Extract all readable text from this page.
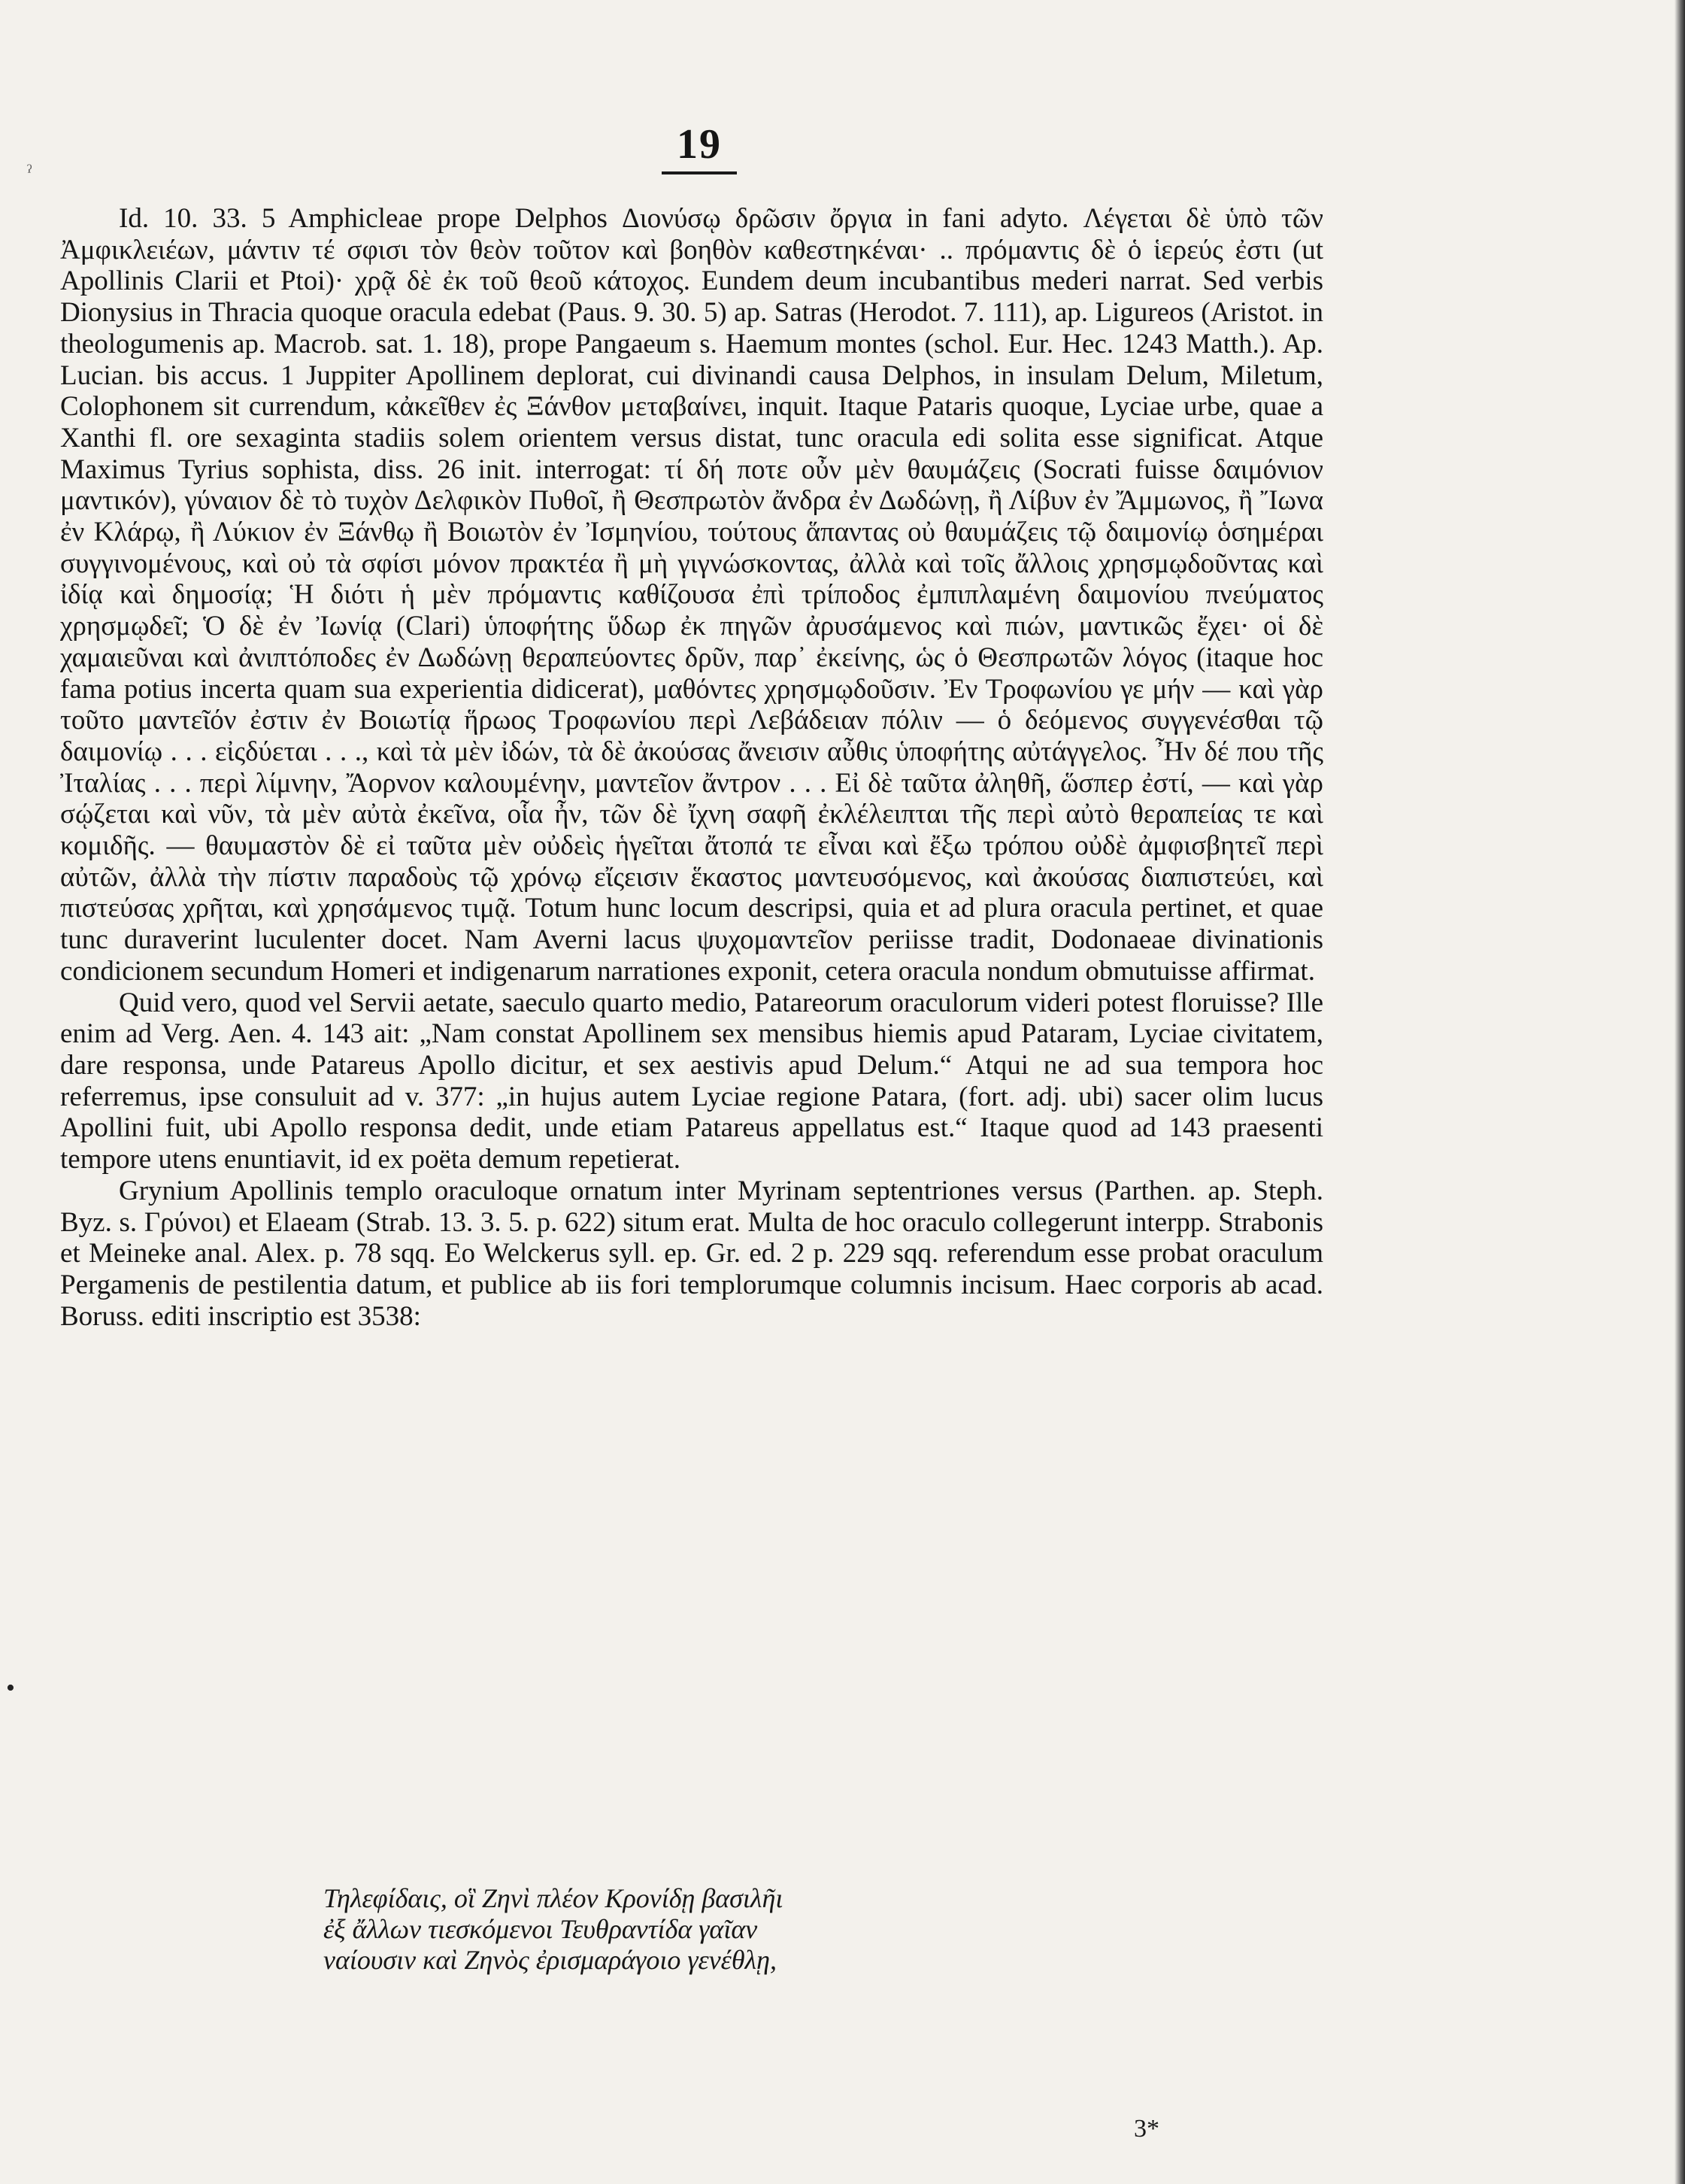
ˀ
•
19

Id. 10. 33. 5 Amphicleae prope Delphos Διονύσῳ δρῶσιν ὄργια in fani adyto. Λέγεται δὲ ὑπὸ τῶν Ἀμφικλειέων, μάντιν τέ σφισι τὸν θεὸν τοῦτον καὶ βοηθὸν καθεστηκέναι· .. πρόμαντις δὲ ὁ ἱερεύς ἐστι (ut Apollinis Clarii et Ptoi)· χρᾷ δὲ ἐκ τοῦ θεοῦ κάτοχος. Eundem deum incubantibus mederi narrat. Sed verbis Dionysius in Thracia quoque oracula edebat (Paus. 9. 30. 5) ap. Satras (Herodot. 7. 111), ap. Ligureos (Aristot. in theologumenis ap. Macrob. sat. 1. 18), prope Pangaeum s. Haemum montes (schol. Eur. Hec. 1243 Matth.). Ap. Lucian. bis accus. 1 Juppiter Apollinem deplorat, cui divinandi causa Delphos, in insulam Delum, Miletum, Colophonem sit currendum, κἀκεῖθεν ἐς Ξάνθον μεταβαίνει, inquit. Itaque Pataris quoque, Lyciae urbe, quae a Xanthi fl. ore sexaginta stadiis solem orientem versus distat, tunc oracula edi solita esse significat. Atque Maximus Tyrius sophista, diss. 26 init. interrogat: τί δή ποτε οὖν μὲν θαυμάζεις (Socrati fuisse δαιμόνιον μαντικόν), γύναιον δὲ τὸ τυχὸν Δελφικὸν Πυθοῖ, ἢ Θεσπρωτὸν ἄνδρα ἐν Δωδώνῃ, ἢ Λίβυν ἐν Ἄμμωνος, ἢ Ἴωνα ἐν Κλάρῳ, ἢ Λύκιον ἐν Ξάνθῳ ἢ Βοιωτὸν ἐν Ἰσμηνίου, τούτους ἅπαντας οὐ θαυμάζεις τῷ δαιμονίῳ ὁσημέραι συγγινομένους, καὶ οὐ τὰ σφίσι μόνον πρακτέα ἢ μὴ γιγνώσκοντας, ἀλλὰ καὶ τοῖς ἄλλοις χρησμῳδοῦντας καὶ ἰδίᾳ καὶ δημοσίᾳ; Ἡ διότι ἡ μὲν πρόμαντις καθίζουσα ἐπὶ τρίποδος ἐμπιπλαμένη δαιμονίου πνεύματος χρησμῳδεῖ; Ὁ δὲ ἐν Ἰωνίᾳ (Clari) ὑποφήτης ὕδωρ ἐκ πηγῶν ἀρυσάμενος καὶ πιών, μαντικῶς ἔχει· οἱ δὲ χαμαιεῦναι καὶ ἀνιπτόποδες ἐν Δωδώνῃ θεραπεύοντες δρῦν, παρ᾽ ἐκείνης, ὡς ὁ Θεσπρωτῶν λόγος (itaque hoc fama potius incerta quam sua experientia didicerat), μαθόντες χρησμῳδοῦσιν. Ἐν Τροφωνίου γε μήν — καὶ γὰρ τοῦτο μαντεῖόν ἐστιν ἐν Βοιωτίᾳ ἥρωος Τροφωνίου περὶ Λεβάδειαν πόλιν — ὁ δεόμενος συγγενέσθαι τῷ δαιμονίῳ . . . εἰςδύεται . . ., καὶ τὰ μὲν ἰδών, τὰ δὲ ἀκούσας ἄνεισιν αὖθις ὑποφήτης αὐτάγγελος. Ἦν δέ που τῆς Ἰταλίας . . . περὶ λίμνην, Ἄορνον καλουμένην, μαντεῖον ἄντρον . . . Εἰ δὲ ταῦτα ἀληθῆ, ὥσπερ ἐστί, — καὶ γὰρ σῴζεται καὶ νῦν, τὰ μὲν αὐτὰ ἐκεῖνα, οἷα ἦν, τῶν δὲ ἴχνη σαφῆ ἐκλέλειπται τῆς περὶ αὐτὸ θεραπείας τε καὶ κομιδῆς. — θαυμαστὸν δὲ εἰ ταῦτα μὲν οὐδεὶς ἡγεῖται ἄτοπά τε εἶναι καὶ ἔξω τρόπου οὐδὲ ἀμφισβητεῖ περὶ αὐτῶν, ἀλλὰ τὴν πίστιν παραδοὺς τῷ χρόνῳ εἴςεισιν ἕκαστος μαντευσόμενος, καὶ ἀκούσας διαπιστεύει, καὶ πιστεύσας χρῆται, καὶ χρησάμενος τιμᾷ. Totum hunc locum descripsi, quia et ad plura oracula pertinet, et quae tunc duraverint luculenter docet. Nam Averni lacus ψυχομαντεῖον periisse tradit, Dodonaeae divinationis condicionem secundum Homeri et indigenarum narrationes exponit, cetera oracula nondum obmutuisse affirmat.

Quid vero, quod vel Servii aetate, saeculo quarto medio, Patareorum oraculorum videri potest floruisse? Ille enim ad Verg. Aen. 4. 143 ait: „Nam constat Apollinem sex mensibus hiemis apud Pataram, Lyciae civitatem, dare responsa, unde Patareus Apollo dicitur, et sex aestivis apud Delum.“ Atqui ne ad sua tempora hoc referremus, ipse consuluit ad v. 377: „in hujus autem Lyciae regione Patara, (fort. adj. ubi) sacer olim lucus Apollini fuit, ubi Apollo responsa dedit, unde etiam Patareus appellatus est.“ Itaque quod ad 143 praesenti tempore utens enuntiavit, id ex poëta demum repetierat.

Grynium Apollinis templo oraculoque ornatum inter Myrinam septentriones versus (Parthen. ap. Steph. Byz. s. Γρύνοι) et Elaeam (Strab. 13. 3. 5. p. 622) situm erat. Multa de hoc oraculo collegerunt interpp. Strabonis et Meineke anal. Alex. p. 78 sqq. Eo Welckerus syll. ep. Gr. ed. 2 p. 229 sqq. referendum esse probat oraculum Pergamenis de pestilentia datum, et publice ab iis fori templorumque columnis incisum. Haec corporis ab acad. Boruss. editi inscriptio est 3538:

Τηλεφίδαις, οἳ Ζηνὶ πλέον Κρονίδῃ βασιλῆι
ἐξ ἄλλων τιεσκόμενοι Τευθραντίδα γαῖαν
ναίουσιν καὶ Ζηνὸς ἐρισμαράγοιο γενέθλῃ,
3*
